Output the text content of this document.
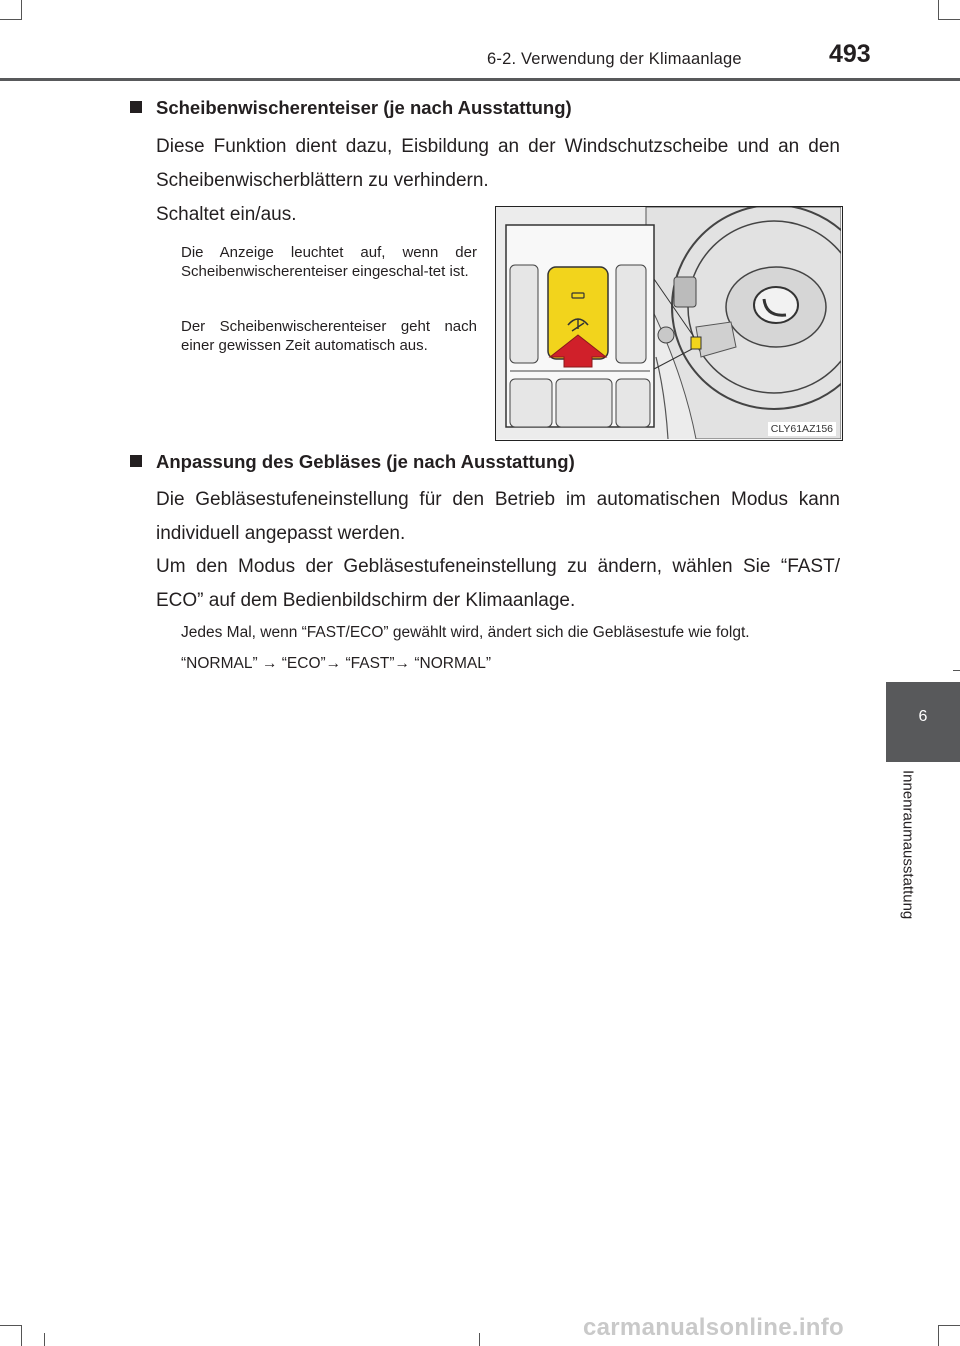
6-2. Verwendung der Klimaanlage	493
6
Innenraumausstattung
Scheibenwischerenteiser (je nach Ausstattung)
Diese Funktion dient dazu, Eisbildung an der Windschutzscheibe und an den Scheibenwischerblättern zu verhindern.
Schaltet ein/aus.
Die Anzeige leuchtet auf, wenn der Scheibenwischerenteiser eingeschal-tet ist.
Der Scheibenwischerenteiser geht nach einer gewissen Zeit automatisch aus.
CLY61AZ156
Anpassung des Gebläses (je nach Ausstattung)
Die Gebläsestufeneinstellung für den Betrieb im automatischen Modus kann individuell angepasst werden.
Um den Modus der Gebläsestufeneinstellung zu ändern, wählen Sie “FAST/ ECO” auf dem Bedienbildschirm der Klimaanlage.
Jedes Mal, wenn “FAST/ECO” gewählt wird, ändert sich die Gebläsestufe wie folgt.
“NORMAL” → “ECO”→ “FAST”→ “NORMAL”
carmanualsonline.info
